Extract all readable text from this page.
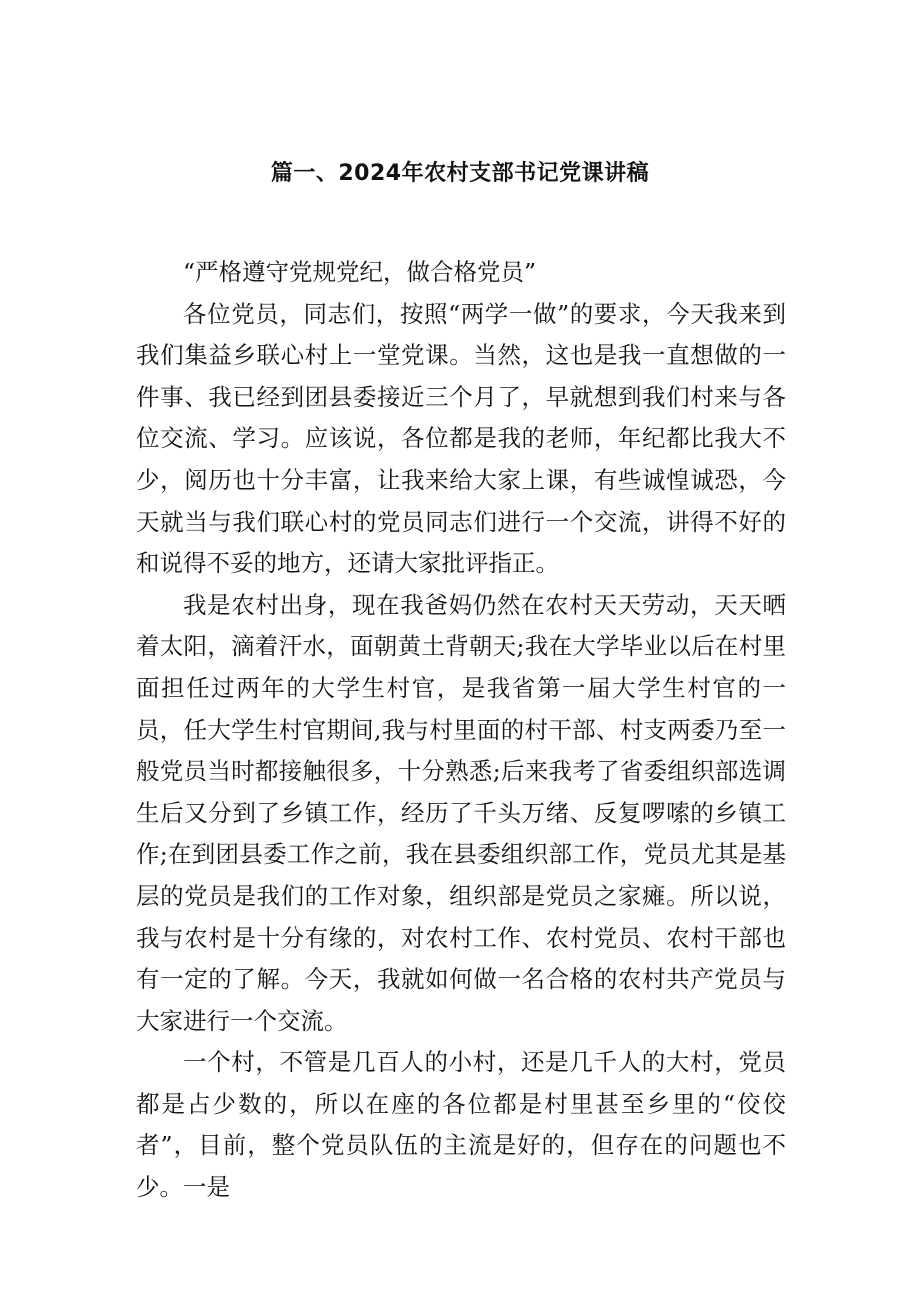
篇一、2024年农村支部书记党课讲稿

“严格遵守党规党纪，做合格党员”

各位党员，同志们，按照“两学一做”的要求，今天我来到我们集益乡联心村上一堂党课。当然，这也是我一直想做的一件事、我已经到团县委接近三个月了，早就想到我们村来与各位交流、学习。应该说，各位都是我的老师，年纪都比我大不少，阅历也十分丰富，让我来给大家上课，有些诚惶诚恐，今天就当与我们联心村的党员同志们进行一个交流，讲得不好的和说得不妥的地方，还请大家批评指正。

我是农村出身，现在我爸妈仍然在农村天天劳动，天天晒着太阳，滴着汗水，面朝黄土背朝天;我在大学毕业以后在村里面担任过两年的大学生村官，是我省第一届大学生村官的一员，任大学生村官期间,我与村里面的村干部、村支两委乃至一般党员当时都接触很多，十分熟悉;后来我考了省委组织部选调生后又分到了乡镇工作，经历了千头万绪、反复啰嗦的乡镇工作;在到团县委工作之前，我在县委组织部工作，党员尤其是基层的党员是我们的工作对象，组织部是党员之家瘫。所以说，我与农村是十分有缘的，对农村工作、农村党员、农村干部也有一定的了解。今天，我就如何做一名合格的农村共产党员与大家进行一个交流。

一个村，不管是几百人的小村，还是几千人的大村，党员都是占少数的，所以在座的各位都是村里甚至乡里的“佼佼者”，目前，整个党员队伍的主流是好的，但存在的问题也不少。一是
